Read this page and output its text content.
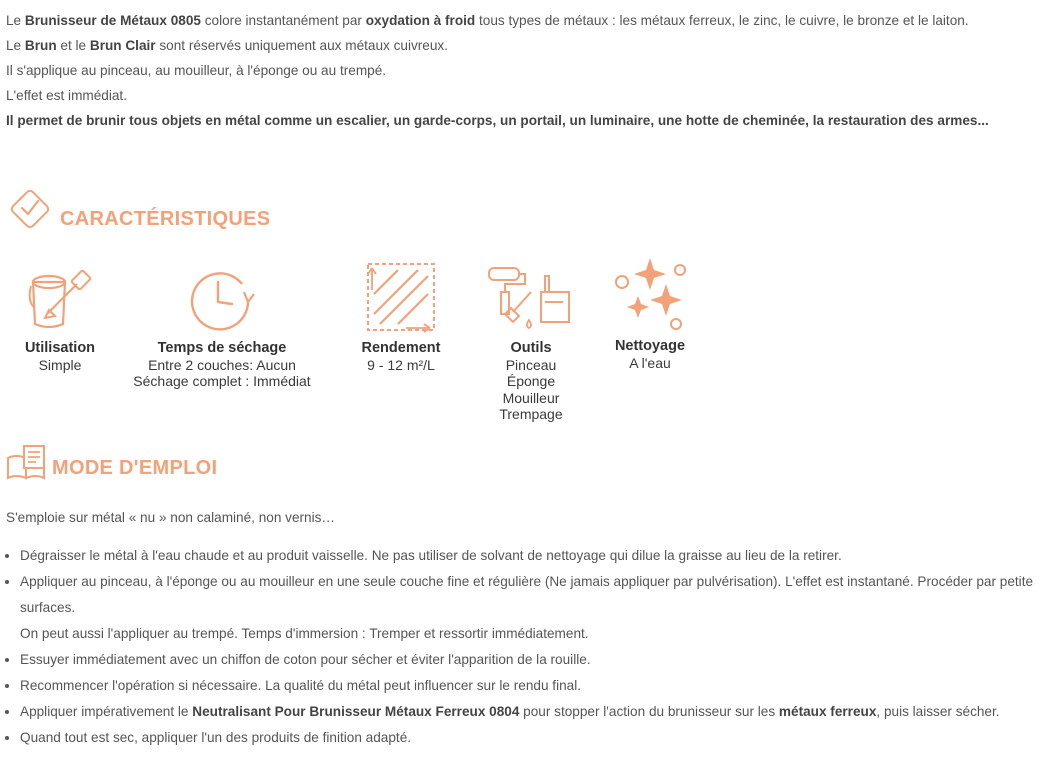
Le Brunisseur de Métaux 0805 colore instantanément par oxydation à froid tous types de métaux : les métaux ferreux, le zinc, le cuivre, le bronze et le laiton.

Le Brun et le Brun Clair sont réservés uniquement aux métaux cuivreux.

Il s'applique au pinceau, au mouilleur, à l'éponge ou au trempé.

L'effet est immédiat.

Il permet de brunir tous objets en métal comme un escalier, un garde-corps, un portail, un luminaire, une hotte de cheminée, la restauration des armes...

CARACTÉRISTIQUES
Utilisation
Simple
Temps de séchage
Entre 2 couches: Aucun
Séchage complet : Immédiat
Rendement
9 - 12 m²/L
Outils
Pinceau
Éponge
Mouilleur
Trempage
Nettoyage
A l'eau
MODE D'EMPLOI

S'emploie sur métal « nu » non calaminé, non vernis…

• Dégraisser le métal à l'eau chaude et au produit vaisselle. Ne pas utiliser de solvant de nettoyage qui dilue la graisse au lieu de la retirer.
• Appliquer au pinceau, à l'éponge ou au mouilleur en une seule couche fine et régulière (Ne jamais appliquer par pulvérisation). L'effet est instantané. Procéder par petite surfaces.
On peut aussi l'appliquer au trempé. Temps d'immersion : Tremper et ressortir immédiatement.
• Essuyer immédiatement avec un chiffon de coton pour sécher et éviter l'apparition de la rouille.
• Recommencer l'opération si nécessaire. La qualité du métal peut influencer sur le rendu final.
• Appliquer impérativement le Neutralisant Pour Brunisseur Métaux Ferreux 0804 pour stopper l'action du brunisseur sur les métaux ferreux, puis laisser sécher.
• Quand tout est sec, appliquer l'un des produits de finition adapté.
